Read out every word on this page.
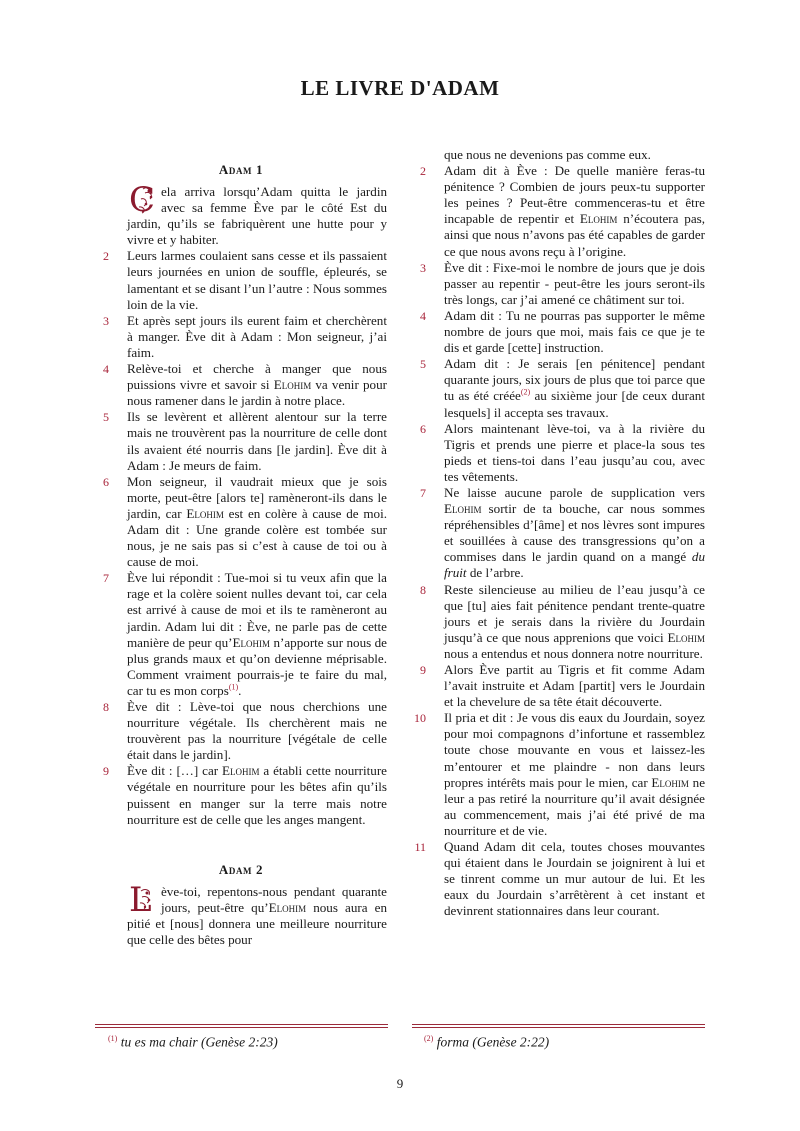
LE LIVRE D'ADAM
Adam 1

C ela arriva lorsqu’Adam quitta le jardin avec sa femme Ève par le côté Est du jardin, qu’ils se fabriquèrent une hutte pour y vivre et y habiter.

2 Leurs larmes coulaient sans cesse et ils passaient leurs journées en union de souffle, épleurés, se lamentant et se disant l’un l’autre : Nous sommes loin de la vie.

3 Et après sept jours ils eurent faim et cherchèrent à manger. Ève dit à Adam : Mon seigneur, j’ai faim.

4 Relève-toi et cherche à manger que nous puissions vivre et savoir si Elohim va venir pour nous ramener dans le jardin à notre place.

5 Ils se levèrent et allèrent alentour sur la terre mais ne trouvèrent pas la nourriture de celle dont ils avaient été nourris dans [le jardin]. Ève dit à Adam : Je meurs de faim.

6 Mon seigneur, il vaudrait mieux que je sois morte, peut-être [alors te] ramèneront-ils dans le jardin, car Elohim est en colère à cause de moi. Adam dit : Une grande colère est tombée sur nous, je ne sais pas si c’est à cause de toi ou à cause de moi.

7 Ève lui répondit : Tue-moi si tu veux afin que la rage et la colère soient nulles devant toi, car cela est arrivé à cause de moi et ils te ramèneront au jardin. Adam lui dit : Ève, ne parle pas de cette manière de peur qu’Elohim n’apporte sur nous de plus grands maux et qu’on devienne méprisable. Comment vraiment pourrais-je te faire du mal, car tu es mon corps$^{(1)}$.

8 Ève dit : Lève-toi que nous cherchions une nourriture végétale. Ils cherchèrent mais ne trouvèrent pas la nourriture [végétale de celle était dans le jardin].

9 Ève dit : […] car Elohim a établi cette nourriture végétale en nourriture pour les bêtes afin qu’ils puissent en manger sur la terre mais notre nourriture est de celle que les anges mangent.

Adam 2

L ève-toi, repentons-nous pendant quarante jours, peut-être qu’Elohim nous aura en pitié et [nous] donnera une meilleure nourriture que celle des bêtes pour

que nous ne devenions pas comme eux.

2 Adam dit à Ève : De quelle manière feras-tu pénitence ? Combien de jours peux-tu supporter les peines ? Peut-être commenceras-tu et être incapable de repentir et Elohim n’écoutera pas, ainsi que nous n’avons pas été capables de garder ce que nous avons reçu à l’origine.

3 Ève dit : Fixe-moi le nombre de jours que je dois passer au repentir - peut-être les jours seront-ils très longs, car j’ai amené ce châtiment sur toi.

4 Adam dit : Tu ne pourras pas supporter le même nombre de jours que moi, mais fais ce que je te dis et garde [cette] instruction.

5 Adam dit : Je serais [en pénitence] pendant quarante jours, six jours de plus que toi parce que tu as été créée$^{(2)}$ au sixième jour [de ceux durant lesquels] il accepta ses travaux.

6 Alors maintenant lève-toi, va à la rivière du Tigris et prends une pierre et place-la sous tes pieds et tiens-toi dans l’eau jusqu’au cou, avec tes vêtements.

7 Ne laisse aucune parole de supplication vers Elohim sortir de ta bouche, car nous sommes répréhensibles d’[âme] et nos lèvres sont impures et souillées à cause des transgressions qu’on a commises dans le jardin quand on a mangé du fruit de l’arbre.

8 Reste silencieuse au milieu de l’eau jusqu’à ce que [tu] aies fait pénitence pendant trente-quatre jours et je serais dans la rivière du Jourdain jusqu’à ce que nous apprenions que voici Elohim nous a entendus et nous donnera notre nourriture.

9 Alors Ève partit au Tigris et fit comme Adam l’avait instruite et Adam [partit] vers le Jourdain et la chevelure de sa tête était découverte.

10 Il pria et dit : Je vous dis eaux du Jourdain, soyez pour moi compagnons d’infortune et rassemblez toute chose mouvante en vous et laissez-les m’entourer et me plaindre - non dans leurs propres intérêts mais pour le mien, car Elohim ne leur a pas retiré la nourriture qu’il avait désignée au commencement, mais j’ai été privé de ma nourriture et de vie.

11 Quand Adam dit cela, toutes choses mouvantes qui étaient dans le Jourdain se joignirent à lui et se tinrent comme un mur autour de lui. Et les eaux du Jourdain s’arrêtèrent à cet instant et devinrent stationnaires dans leur courant.

$^{(1)}$ tu es ma chair (Genèse 2:23)	$^{(2)}$ forma (Genèse 2:22)
9
